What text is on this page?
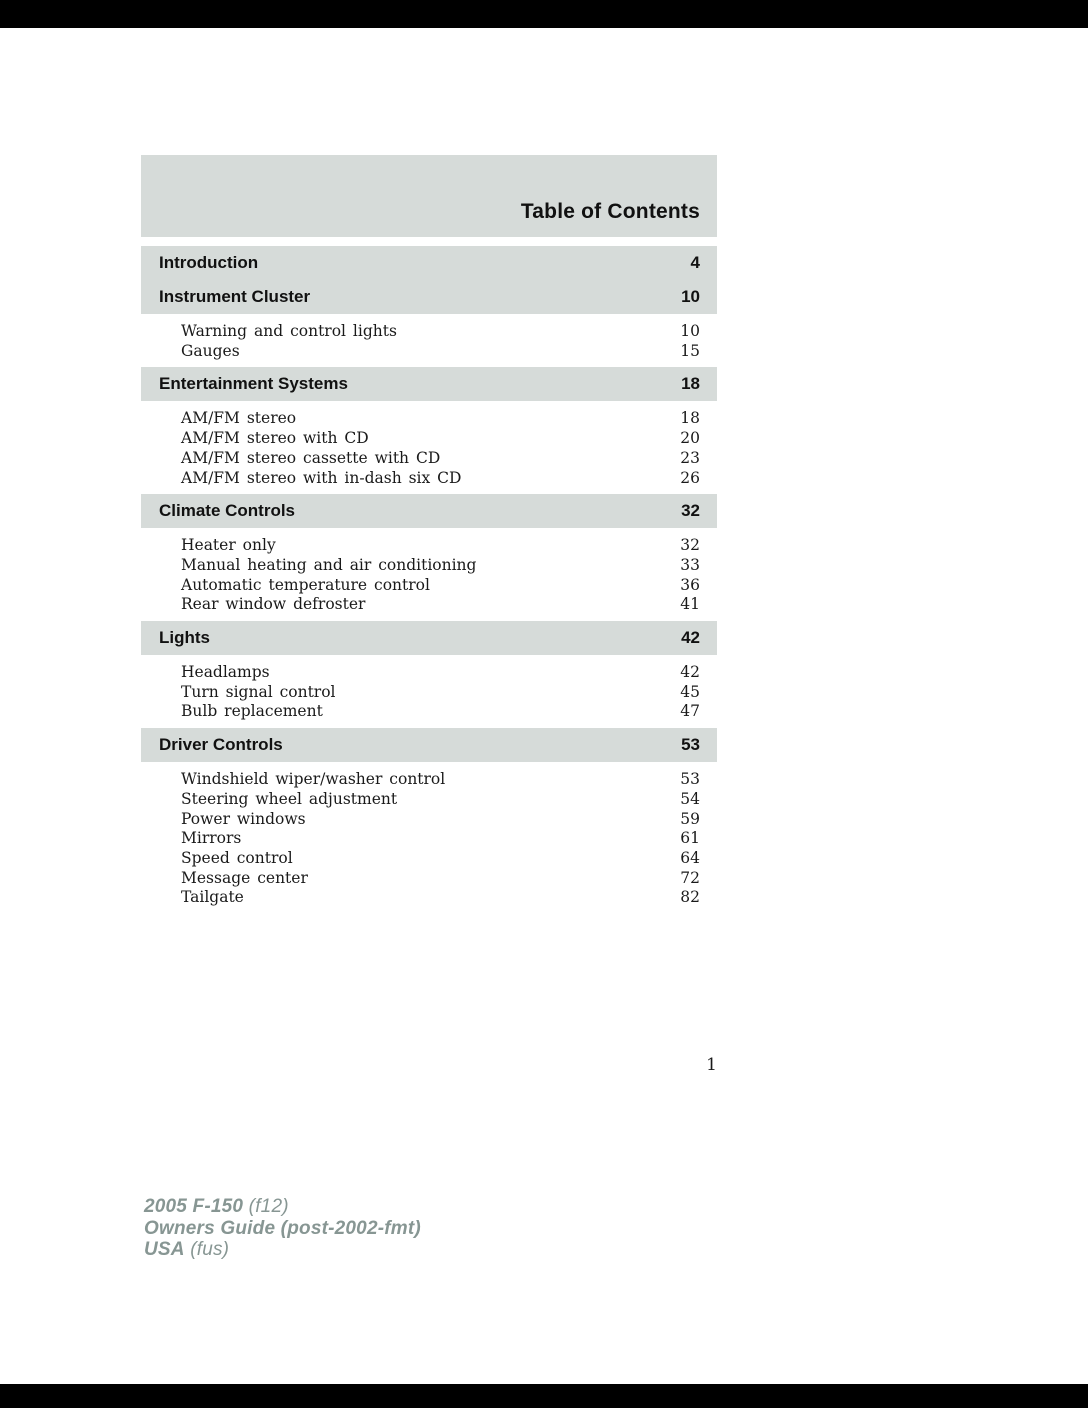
Table of Contents
Introduction	4
Instrument Cluster	10
Warning and control lights	10
Gauges	15
Entertainment Systems	18
AM/FM stereo	18
AM/FM stereo with CD	20
AM/FM stereo cassette with CD	23
AM/FM stereo with in-dash six CD	26
Climate Controls	32
Heater only	32
Manual heating and air conditioning	33
Automatic temperature control	36
Rear window defroster	41
Lights	42
Headlamps	42
Turn signal control	45
Bulb replacement	47
Driver Controls	53
Windshield wiper/washer control	53
Steering wheel adjustment	54
Power windows	59
Mirrors	61
Speed control	64
Message center	72
Tailgate	82
1
2005 F-150 (f12)
Owners Guide (post-2002-fmt)
USA (fus)
